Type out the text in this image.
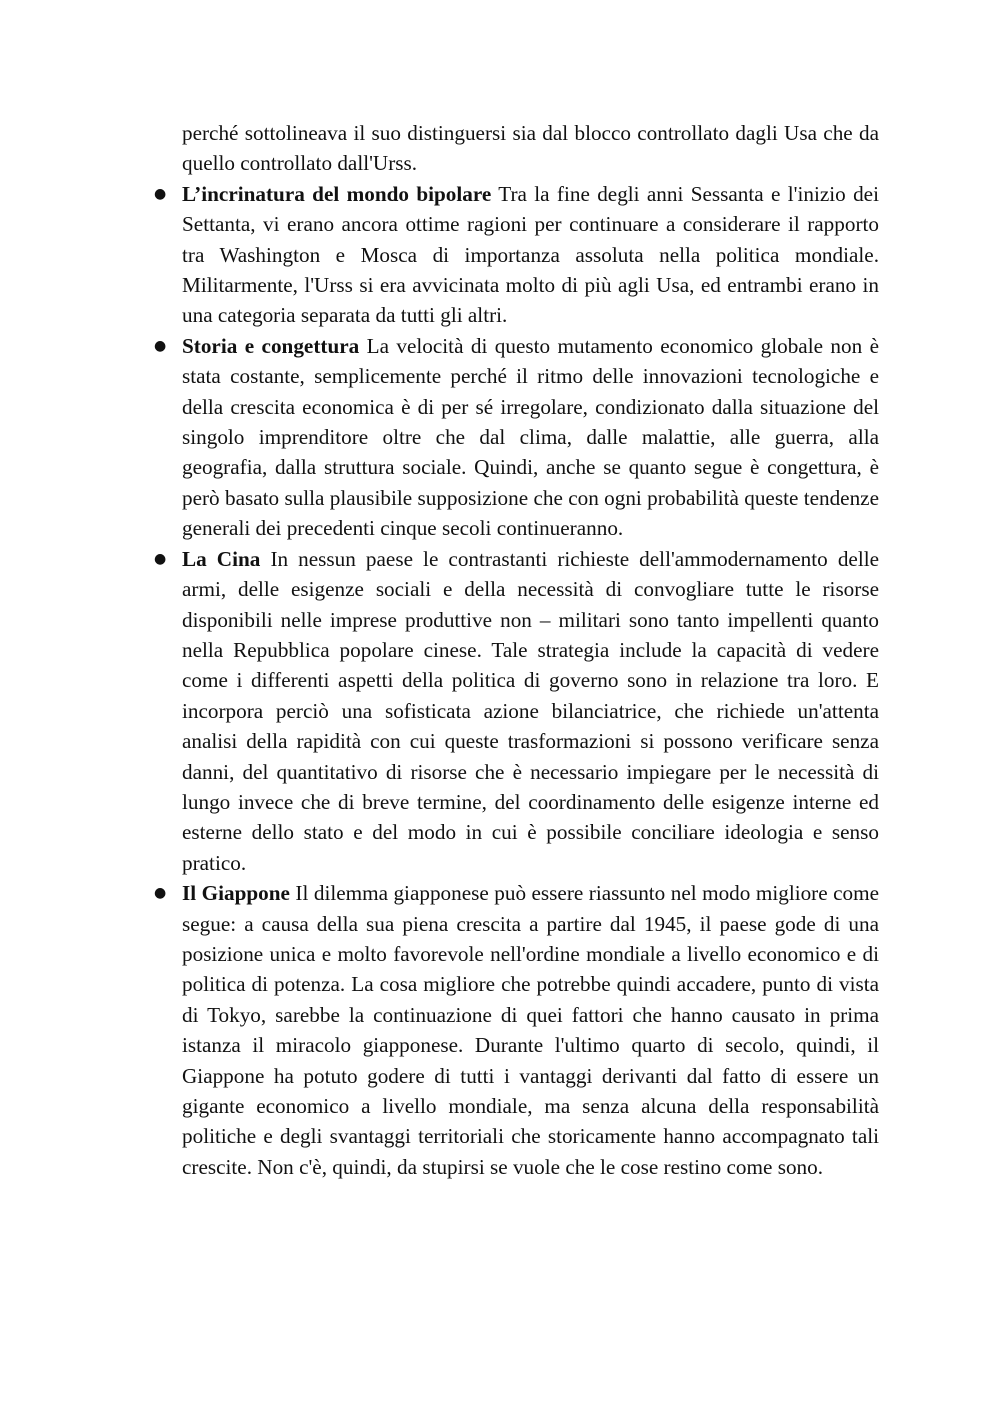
perché sottolineava il suo distinguersi sia dal blocco controllato dagli Usa che da quello controllato dall'Urss.

● L’incrinatura del mondo bipolare Tra la fine degli anni Sessanta e l'inizio dei Settanta, vi erano ancora ottime ragioni per continuare a considerare il rapporto tra Washington e Mosca di importanza assoluta nella politica mondiale. Militarmente, l'Urss si era avvicinata molto di più agli Usa, ed entrambi erano in una categoria separata da tutti gli altri.
● Storia e congettura La velocità di questo mutamento economico globale non è stata costante, semplicemente perché il ritmo delle innovazioni tecnologiche e della crescita economica è di per sé irregolare, condizionato dalla situazione del singolo imprenditore oltre che dal clima, dalle malattie, alle guerra, alla geografia, dalla struttura sociale. Quindi, anche se quanto segue è congettura, è però basato sulla plausibile supposizione che con ogni probabilità queste tendenze generali dei precedenti cinque secoli continueranno.
● La Cina In nessun paese le contrastanti richieste dell'ammodernamento delle armi, delle esigenze sociali e della necessità di convogliare tutte le risorse disponibili nelle imprese produttive non – militari sono tanto impellenti quanto nella Repubblica popolare cinese. Tale strategia include la capacità di vedere come i differenti aspetti della politica di governo sono in relazione tra loro. E incorpora perciò una sofisticata azione bilanciatrice, che richiede un'attenta analisi della rapidità con cui queste trasformazioni si possono verificare senza danni, del quantitativo di risorse che è necessario impiegare per le necessità di lungo invece che di breve termine, del coordinamento delle esigenze interne ed esterne dello stato e del modo in cui è possibile conciliare ideologia e senso pratico.
● Il Giappone Il dilemma giapponese può essere riassunto nel modo migliore come segue: a causa della sua piena crescita a partire dal 1945, il paese gode di una posizione unica e molto favorevole nell'ordine mondiale a livello economico e di politica di potenza. La cosa migliore che potrebbe quindi accadere, punto di vista di Tokyo, sarebbe la continuazione di quei fattori che hanno causato in prima istanza il miracolo giapponese. Durante l'ultimo quarto di secolo, quindi, il Giappone ha potuto godere di tutti i vantaggi derivanti dal fatto di essere un gigante economico a livello mondiale, ma senza alcuna della responsabilità politiche e degli svantaggi territoriali che storicamente hanno accompagnato tali crescite. Non c'è, quindi, da stupirsi se vuole che le cose restino come sono.
